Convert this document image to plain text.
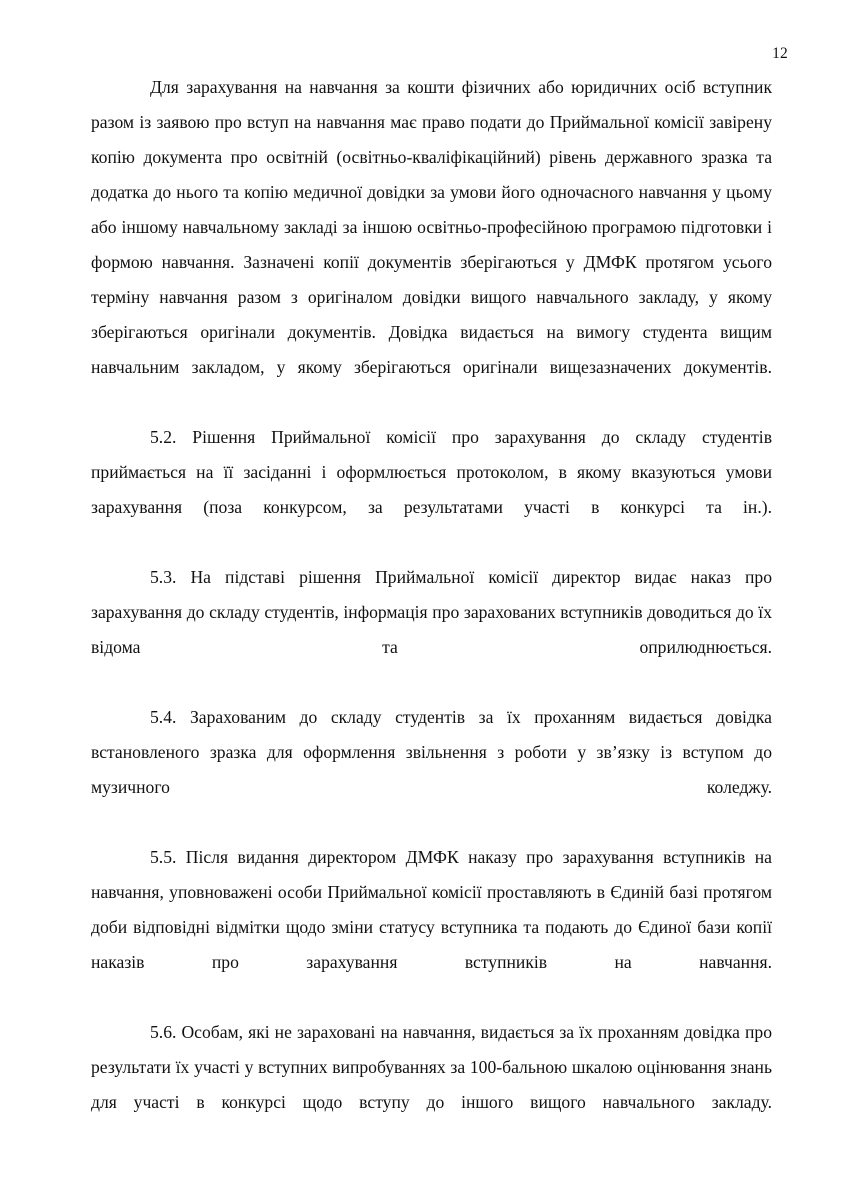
12

Для зарахування на навчання за кошти фізичних або юридичних осіб вступник разом із заявою про вступ на навчання має право подати до Приймальної комісії завірену копію документа про освітній (освітньо-кваліфікаційний) рівень державного зразка та додатка до нього та копію медичної довідки за умови його одночасного навчання у цьому або іншому навчальному закладі за іншою освітньо-професійною програмою підготовки і формою навчання. Зазначені копії документів зберігаються у ДМФК протягом усього терміну навчання разом з оригіналом довідки вищого навчального закладу, у якому зберігаються оригінали документів. Довідка видається на вимогу студента вищим навчальним закладом, у якому зберігаються оригінали вищезазначених документів.

5.2. Рішення Приймальної комісії про зарахування до складу студентів приймається на її засіданні і оформлюється протоколом, в якому вказуються умови зарахування (поза конкурсом, за результатами участі в конкурсі та ін.).

5.3. На підставі рішення Приймальної комісії директор видає наказ про зарахування до складу студентів, інформація про зарахованих вступників доводиться до їх відома та оприлюднюється.

5.4. Зарахованим до складу студентів за їх проханням видається довідка встановленого зразка для оформлення звільнення з роботи у зв’язку із вступом до музичного коледжу.

5.5. Після видання директором ДМФК наказу про зарахування вступників на навчання, уповноважені особи Приймальної комісії проставляють в Єдиній базі протягом доби відповідні відмітки щодо зміни статусу вступника та подають до Єдиної бази копії наказів про зарахування вступників на навчання.

5.6. Особам, які не зараховані на навчання, видається за їх проханням довідка про результати їх участі у вступних випробуваннях за 100-бальною шкалою оцінювання знань для участі в конкурсі щодо вступу до іншого вищого навчального закладу.
